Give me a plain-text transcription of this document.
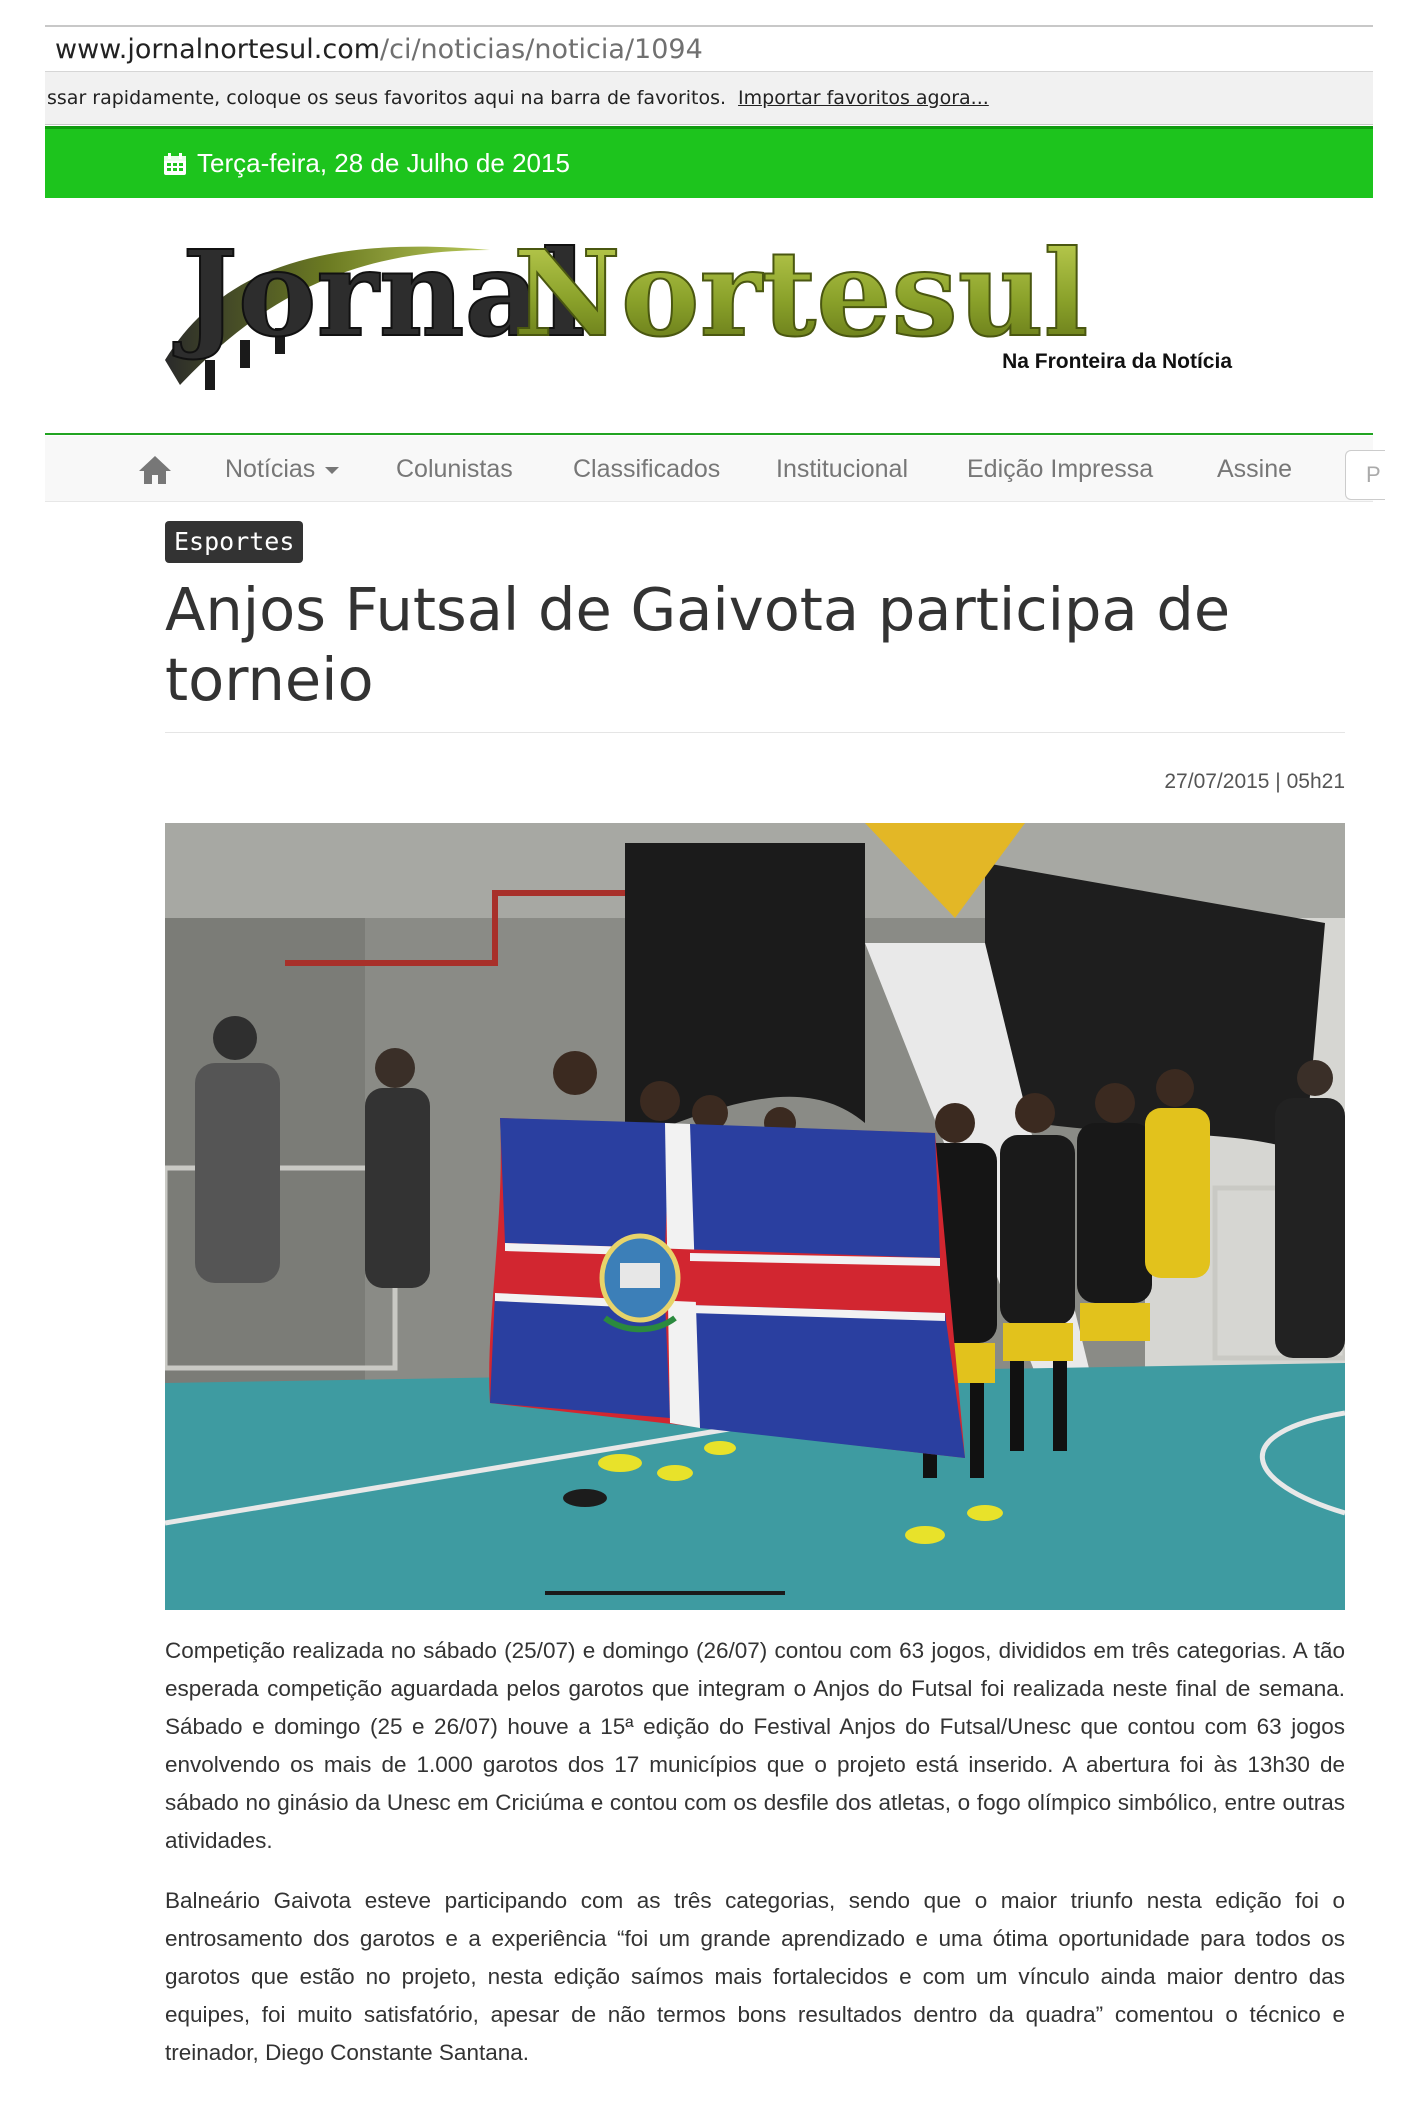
www.jornalnortesul.com /ci/noticias/noticia/1094
ssar rapidamente, coloque os seus favoritos aqui na barra de favoritos. Importar favoritos agora...
Terça-feira, 28 de Julho de 2015
Jornal
Nortesul
Na Fronteira da Notícia
Notícias	Colunistas Classificados Institucional Edição Impressa	Assine	P
Esportes
Anjos Futsal de Gaivota participa de torneio
27/07/2015 | 05h21

Competição realizada no sábado (25/07) e domingo (26/07) contou com 63 jogos, divididos em três categorias. A tão esperada competição aguardada pelos garotos que integram o Anjos do Futsal foi realizada neste final de semana. Sábado e domingo (25 e 26/07) houve a 15ª edição do Festival Anjos do Futsal/Unesc que contou com 63 jogos envolvendo os mais de 1.000 garotos dos 17 municípios que o projeto está inserido. A abertura foi às 13h30 de sábado no ginásio da Unesc em Criciúma e contou com os desfile dos atletas, o fogo olímpico simbólico, entre outras atividades.

Balneário Gaivota esteve participando com as três categorias, sendo que o maior triunfo nesta edição foi o entrosamento dos garotos e a experiência “foi um grande aprendizado e uma ótima oportunidade para todos os garotos que estão no projeto, nesta edição saímos mais fortalecidos e com um vínculo ainda maior dentro das equipes, foi muito satisfatório, apesar de não termos bons resultados dentro da quadra” comentou o técnico e treinador, Diego Constante Santana.
